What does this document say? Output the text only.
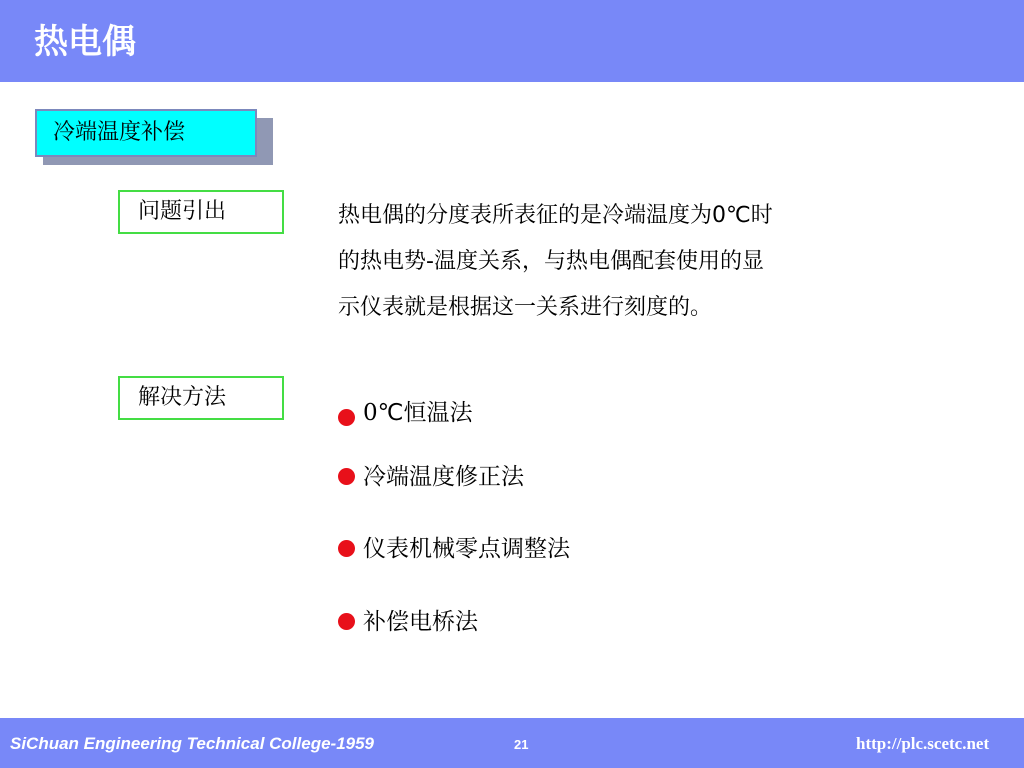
热电偶
冷端温度补偿
问题引出	热电偶的分度表所表征的是冷端温度为0℃时
的热电势-温度关系，与热电偶配套使用的显
示仪表就是根据这一关系进行刻度的。
解决方法
0℃恒温法
冷端温度修正法
仪表机械零点调整法
补偿电桥法
SiChuan Engineering Technical College-1959	21	http://plc.scetc.net
